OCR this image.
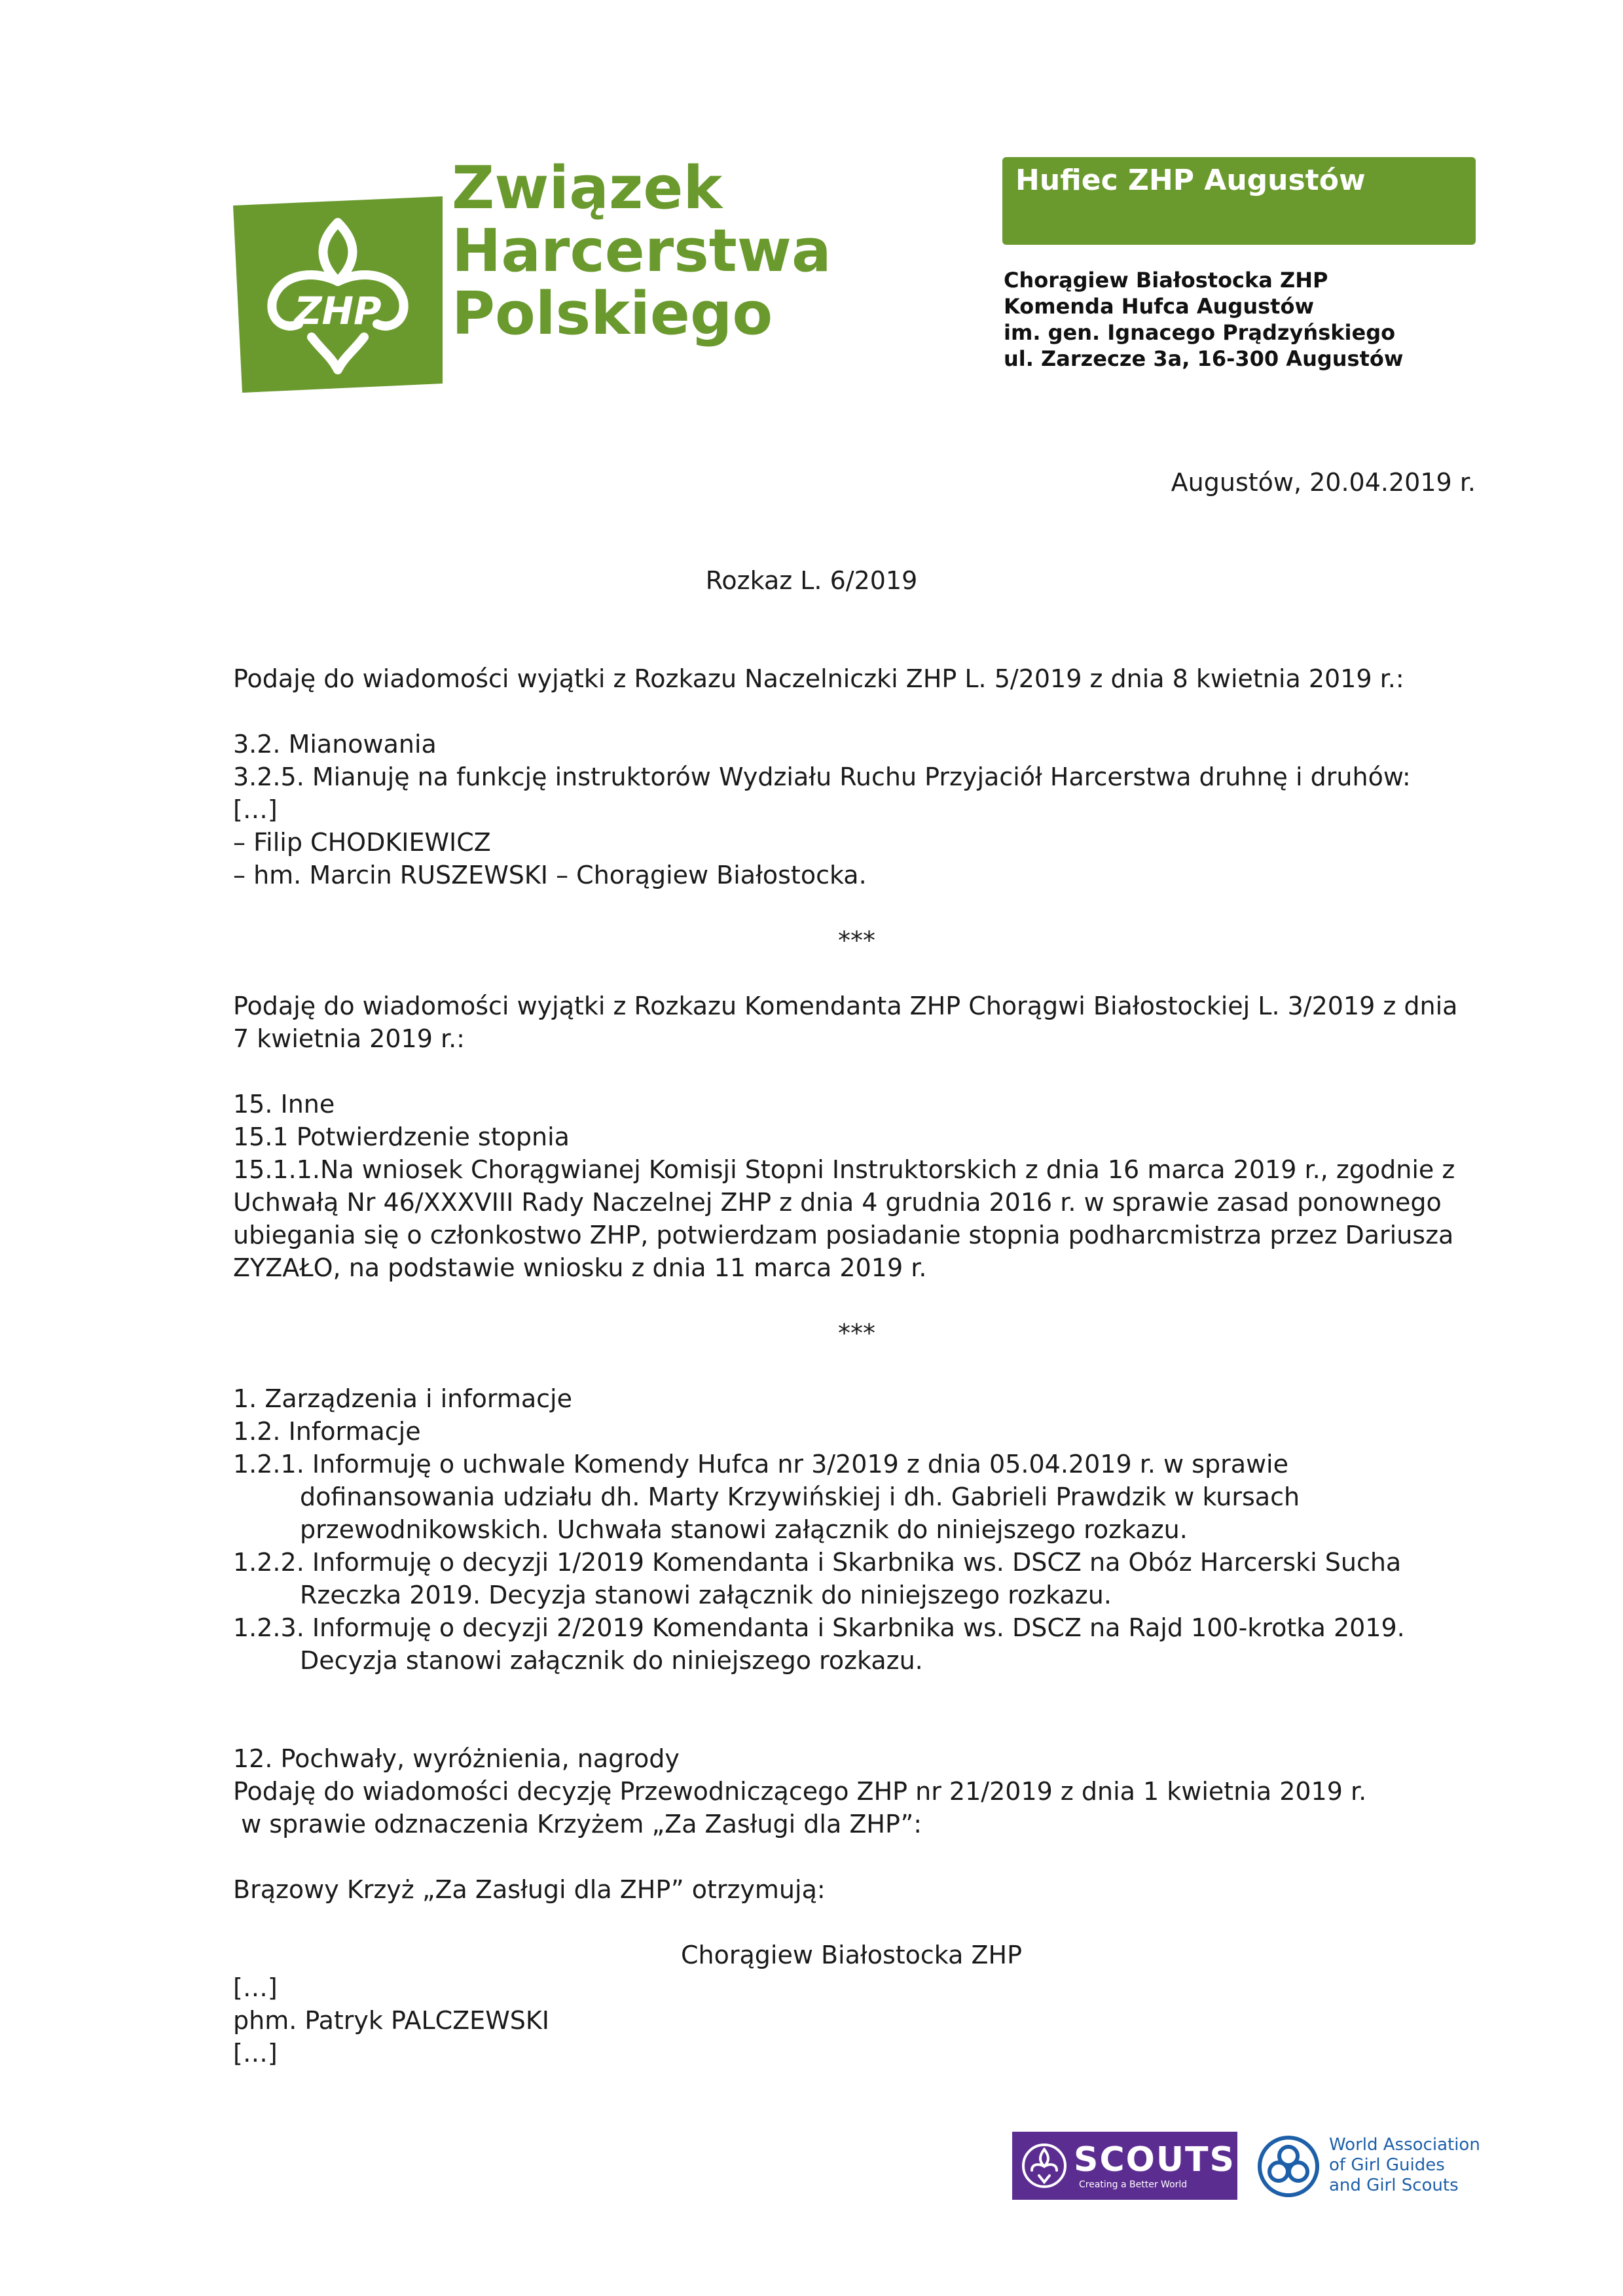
ZHP
Związek
Harcerstwa
Polskiego
Hufiec ZHP Augustów
Chorągiew Białostocka ZHP
Komenda Hufca Augustów
im. gen. Ignacego Prądzyńskiego
ul. Zarzecze 3a, 16-300 Augustów
Augustów, 20.04.2019 r.
Rozkaz L. 6/2019
Podaję do wiadomości wyjątki z Rozkazu Naczelniczki ZHP L. 5/2019 z dnia 8 kwietnia 2019 r.:
3.2. Mianowania
3.2.5. Mianuję na funkcję instruktorów Wydziału Ruchu Przyjaciół Harcerstwa druhnę i druhów:
[…]
– Filip CHODKIEWICZ
– hm. Marcin RUSZEWSKI – Chorągiew Białostocka.
***
Podaję do wiadomości wyjątki z Rozkazu Komendanta ZHP Chorągwi Białostockiej L. 3/2019 z dnia
7 kwietnia 2019 r.:
15. Inne
15.1 Potwierdzenie stopnia
15.1.1.Na wniosek Chorągwianej Komisji Stopni Instruktorskich z dnia 16 marca 2019 r., zgodnie z
Uchwałą Nr 46/XXXVIII Rady Naczelnej ZHP z dnia 4 grudnia 2016 r. w sprawie zasad ponownego
ubiegania się o członkostwo ZHP, potwierdzam posiadanie stopnia podharcmistrza przez Dariusza
ZYZAŁO, na podstawie wniosku z dnia 11 marca 2019 r.
***
1. Zarządzenia i informacje
1.2. Informacje
1.2.1. Informuję o uchwale Komendy Hufca nr 3/2019 z dnia 05.04.2019 r. w sprawie
dofinansowania udziału dh. Marty Krzywińskiej i dh. Gabrieli Prawdzik w kursach
przewodnikowskich. Uchwała stanowi załącznik do niniejszego rozkazu.
1.2.2. Informuję o decyzji 1/2019 Komendanta i Skarbnika ws. DSCZ na Obóz Harcerski Sucha
Rzeczka 2019. Decyzja stanowi załącznik do niniejszego rozkazu.
1.2.3. Informuję o decyzji 2/2019 Komendanta i Skarbnika ws. DSCZ na Rajd 100-krotka 2019.
Decyzja stanowi załącznik do niniejszego rozkazu.
12. Pochwały, wyróżnienia, nagrody
Podaję do wiadomości decyzję Przewodniczącego ZHP nr 21/2019 z dnia 1 kwietnia 2019 r.
w sprawie odznaczenia Krzyżem „Za Zasługi dla ZHP”:
Brązowy Krzyż „Za Zasługi dla ZHP” otrzymują:
Chorągiew Białostocka ZHP
[…]
phm. Patryk PALCZEWSKI
[…]
SCOUTS
Creating a Better World
World Association
of Girl Guides
and Girl Scouts
